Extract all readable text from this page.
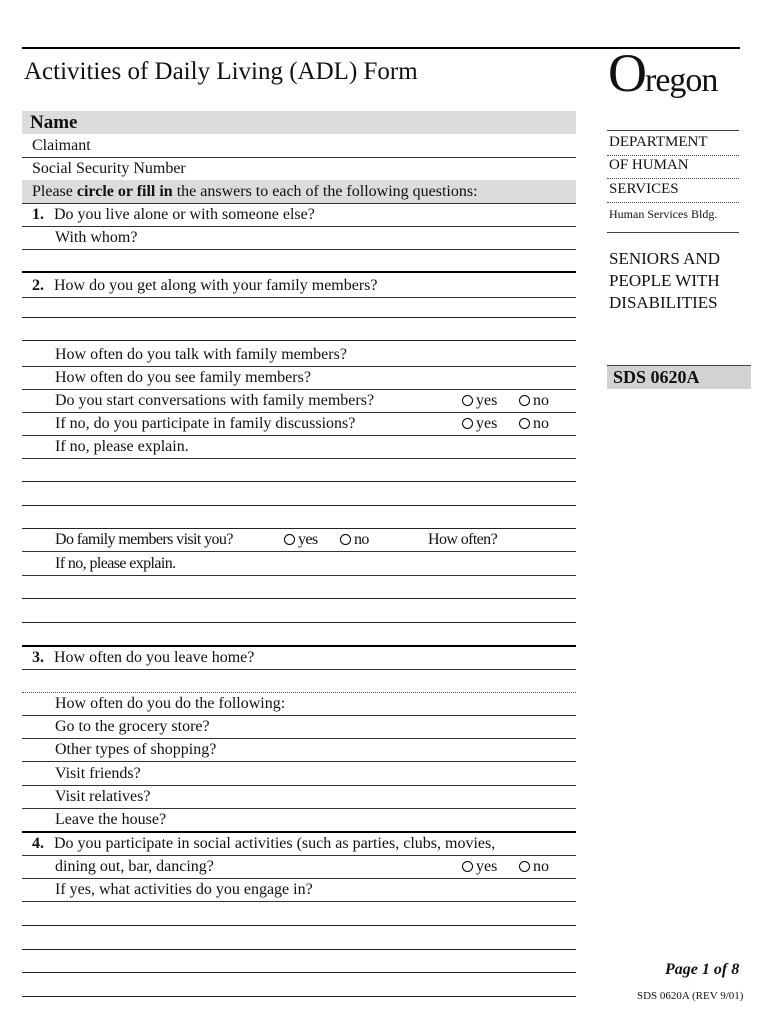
Activities of Daily Living (ADL) Form	Oregon
Name
Claimant
Social Security Number
Please circle or fill in the answers to each of the following questions:
1. Do you live alone or with someone else?
With whom?
2. How do you get along with your family members?
How often do you talk with family members?
How often do you see family members?
Do you start conversations with family members?	yes	no
If no, do you participate in family discussions?	yes	no
If no, please explain.
Do family members visit you?	yes	no	How often?
If no, please explain.
3. How often do you leave home?
How often do you do the following:
Go to the grocery store?
Other types of shopping?
Visit friends?
Visit relatives?
Leave the house?
4. Do you participate in social activities (such as parties, clubs, movies,
dining out, bar, dancing?	yes	no
If yes, what activities do you engage in?
DEPARTMENT
OF HUMAN
SERVICES
Human Services Bldg.
SENIORS AND
PEOPLE WITH
DISABILITIES
SDS 0620A
Page 1 of 8
SDS 0620A (REV 9/01)
